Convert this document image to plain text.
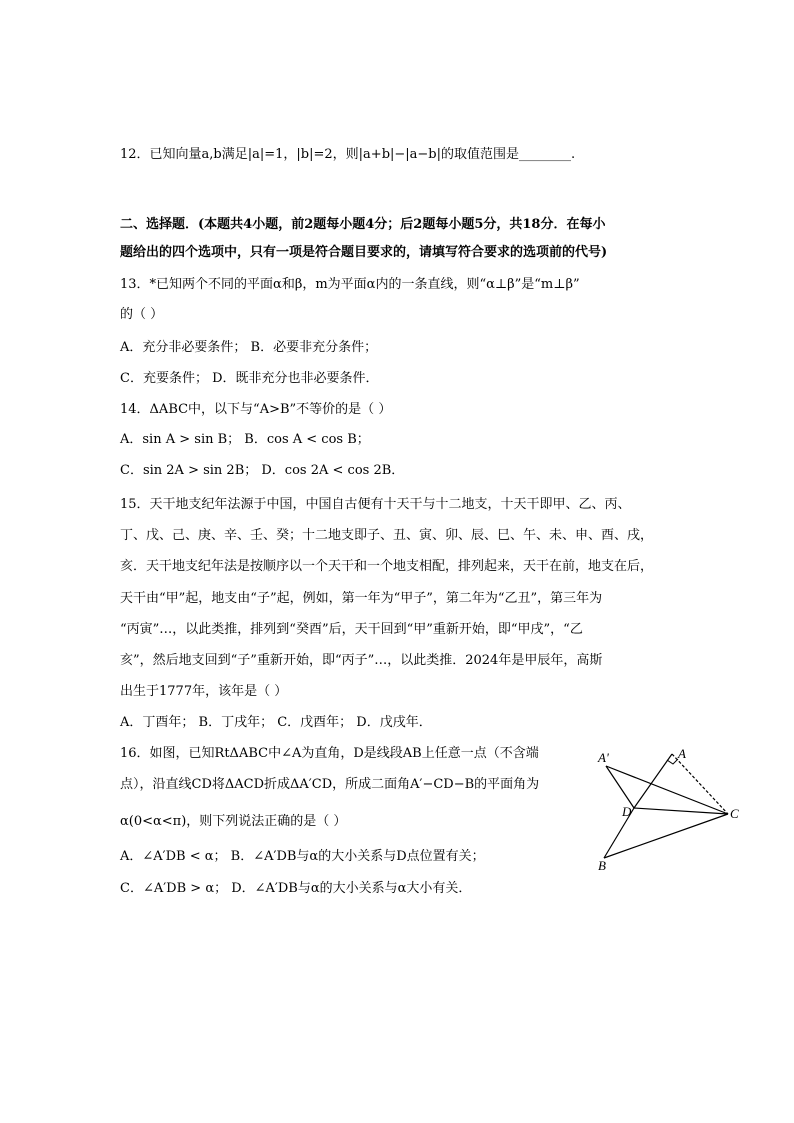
12．已知向量a,b满足|a|=1，|b|=2，则|a+b|−|a−b|的取值范围是________.
二、选择题．(本题共4小题，前2题每小题4分；后2题每小题5分，共18分．在每小
题给出的四个选项中，只有一项是符合题目要求的，请填写符合要求的选项前的代号)
13．*已知两个不同的平面α和β，m为平面α内的一条直线，则“α⊥β”是“m⊥β”
的（ ）
A．充分非必要条件； B．必要非充分条件；
C．充要条件； D．既非充分也非必要条件．
14．ΔABC中，以下与“A>B”不等价的是（ ）
A．sin A > sin B； B．cos A < cos B；
C．sin 2A > sin 2B； D．cos 2A < cos 2B．
15．天干地支纪年法源于中国，中国自古便有十天干与十二地支，十天干即甲、乙、丙、
丁、戊、己、庚、辛、壬、癸；十二地支即子、丑、寅、卯、辰、巳、午、未、申、酉、戌，
亥．天干地支纪年法是按顺序以一个天干和一个地支相配，排列起来，天干在前，地支在后，
天干由“甲”起，地支由“子”起，例如，第一年为“甲子”，第二年为“乙丑”，第三年为
“丙寅”…，以此类推，排列到“癸酉”后，天干回到“甲”重新开始，即“甲戌”，“乙
亥”，然后地支回到“子”重新开始，即“丙子”…，以此类推．2024年是甲辰年，高斯
出生于1777年，该年是（ ）
A．丁酉年； B．丁戌年； C．戊酉年； D．戊戌年．
16．如图，已知RtΔABC中∠A为直角，D是线段AB上任意一点（不含端
点），沿直线CD将ΔACD折成ΔA′CD，所成二面角A′−CD−B的平面角为
α(0<α<π)，则下列说法正确的是（ ）
A．∠A′DB < α； B．∠A′DB与α的大小关系与D点位置有关；
C．∠A′DB > α； D．∠A′DB与α的大小关系与α大小有关．
A'	A
D	C
B
